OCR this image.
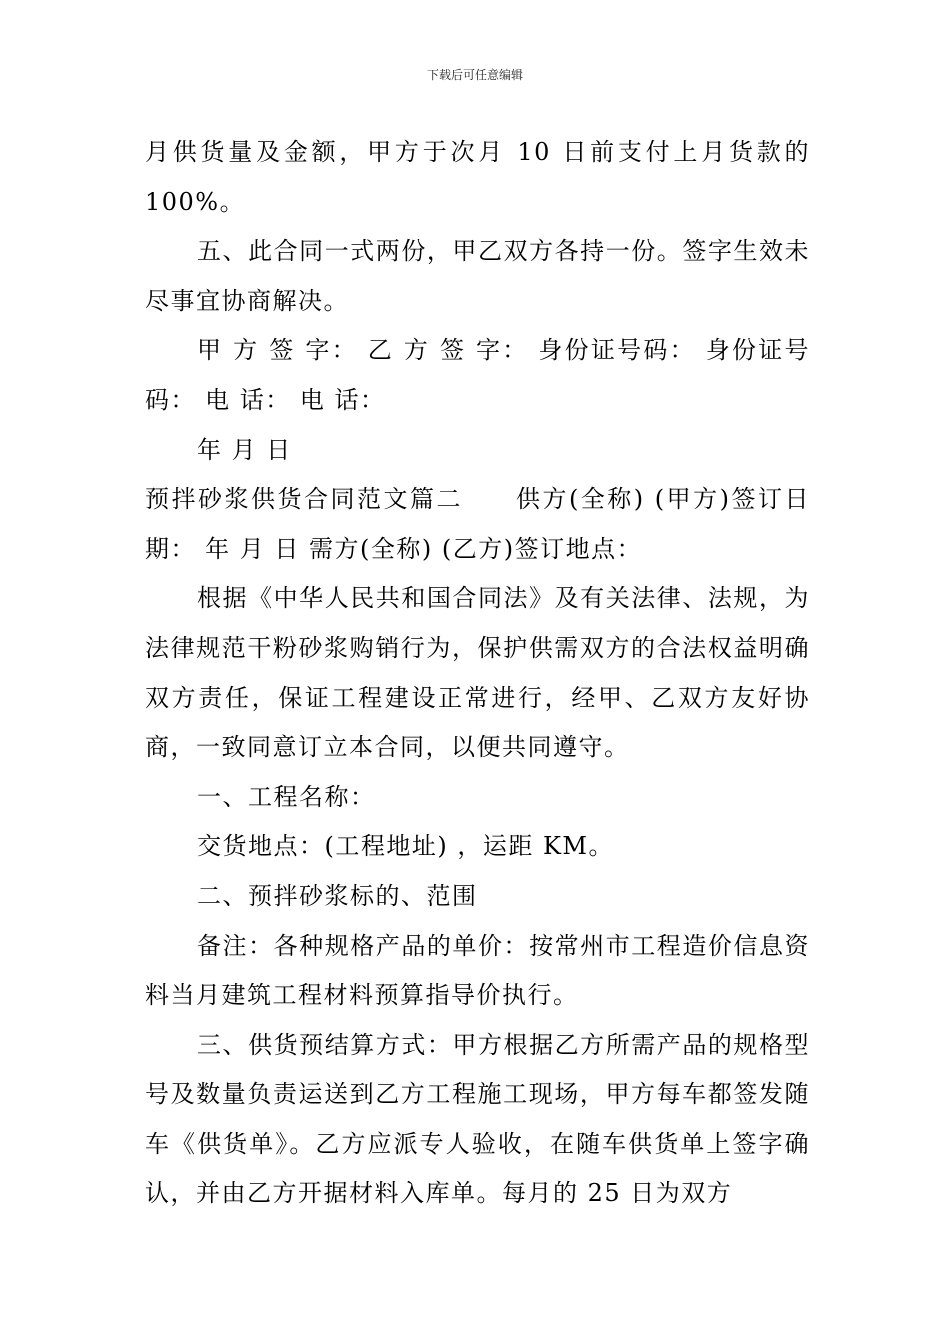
下载后可任意编辑

月供货量及金额，甲方于次月 10 日前支付上月货款的100%。

五、此合同一式两份，甲乙双方各持一份。签字生效未尽事宜协商解决。

甲 方 签 字： 乙 方 签 字： 身份证号码： 身份证号码： 电 话： 电 话：

年 月 日

预拌砂浆供货合同范文篇二　　供方(全称) (甲方)签订日期： 年 月 日 需方(全称) (乙方)签订地点：

根据《中华人民共和国合同法》及有关法律、法规，为法律规范干粉砂浆购销行为，保护供需双方的合法权益明确双方责任，保证工程建设正常进行，经甲、乙双方友好协商，一致同意订立本合同，以便共同遵守。

一、工程名称：

交货地点：(工程地址) ，运距 KM。

二、预拌砂浆标的、范围

备注：各种规格产品的单价：按常州市工程造价信息资料当月建筑工程材料预算指导价执行。

三、供货预结算方式：甲方根据乙方所需产品的规格型号及数量负责运送到乙方工程施工现场，甲方每车都签发随车《供货单》。乙方应派专人验收，在随车供货单上签字确认，并由乙方开据材料入库单。每月的 25 日为双方
